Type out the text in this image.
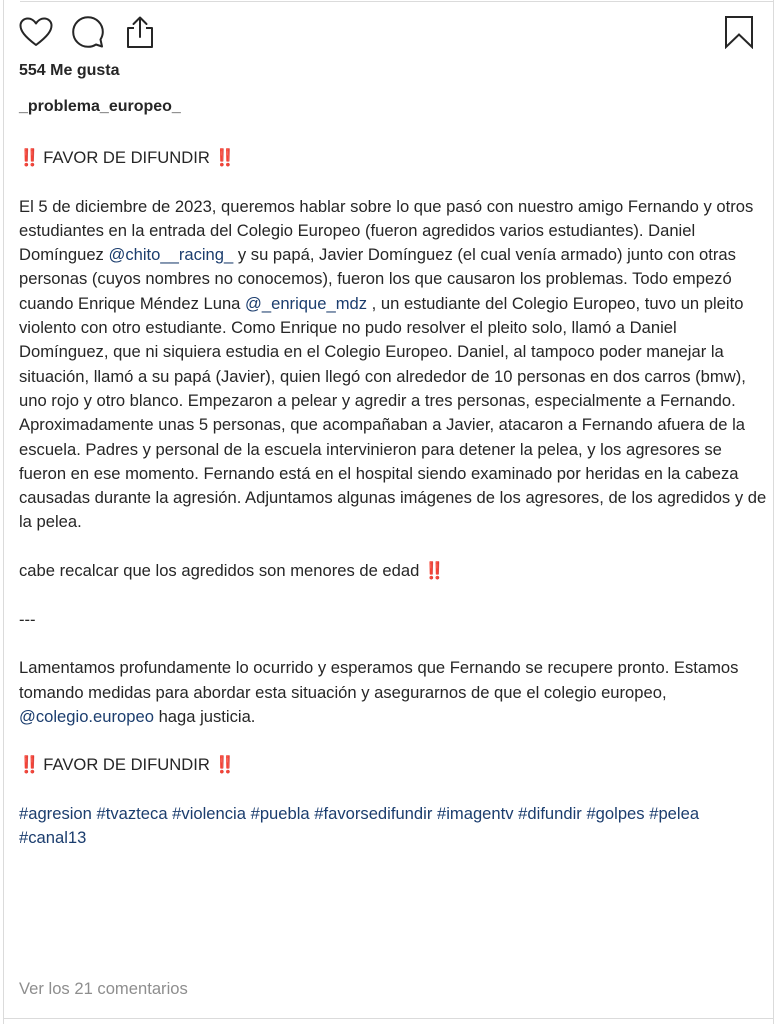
554 Me gusta
_problema_europeo_

‼️ FAVOR DE DIFUNDIR ‼️

El 5 de diciembre de 2023, queremos hablar sobre lo que pasó con nuestro amigo Fernando y otros estudiantes en la entrada del Colegio Europeo (fueron agredidos varios estudiantes). Daniel Domínguez @chito__racing_ y su papá, Javier Domínguez (el cual venía armado) junto con otras personas (cuyos nombres no conocemos), fueron los que causaron los problemas. Todo empezó cuando Enrique Méndez Luna @_enrique_mdz , un estudiante del Colegio Europeo, tuvo un pleito violento con otro estudiante. Como Enrique no pudo resolver el pleito solo, llamó a Daniel Domínguez, que ni siquiera estudia en el Colegio Europeo. Daniel, al tampoco poder manejar la situación, llamó a su papá (Javier), quien llegó con alrededor de 10 personas en dos carros (bmw), uno rojo y otro blanco. Empezaron a pelear y agredir a tres personas, especialmente a Fernando. Aproximadamente unas 5 personas, que acompañaban a Javier, atacaron a Fernando afuera de la escuela. Padres y personal de la escuela intervinieron para detener la pelea, y los agresores se fueron en ese momento. Fernando está en el hospital siendo examinado por heridas en la cabeza causadas durante la agresión. Adjuntamos algunas imágenes de los agresores, de los agredidos y de la pelea.

cabe recalcar que los agredidos son menores de edad ‼️

---

Lamentamos profundamente lo ocurrido y esperamos que Fernando se recupere pronto. Estamos tomando medidas para abordar esta situación y asegurarnos de que el colegio europeo, @colegio.europeo haga justicia.

‼️ FAVOR DE DIFUNDIR ‼️

#agresion #tvazteca #violencia #puebla #favorsedifundir #imagentv #difundir #golpes #pelea #canal13

Ver los 21 comentarios
